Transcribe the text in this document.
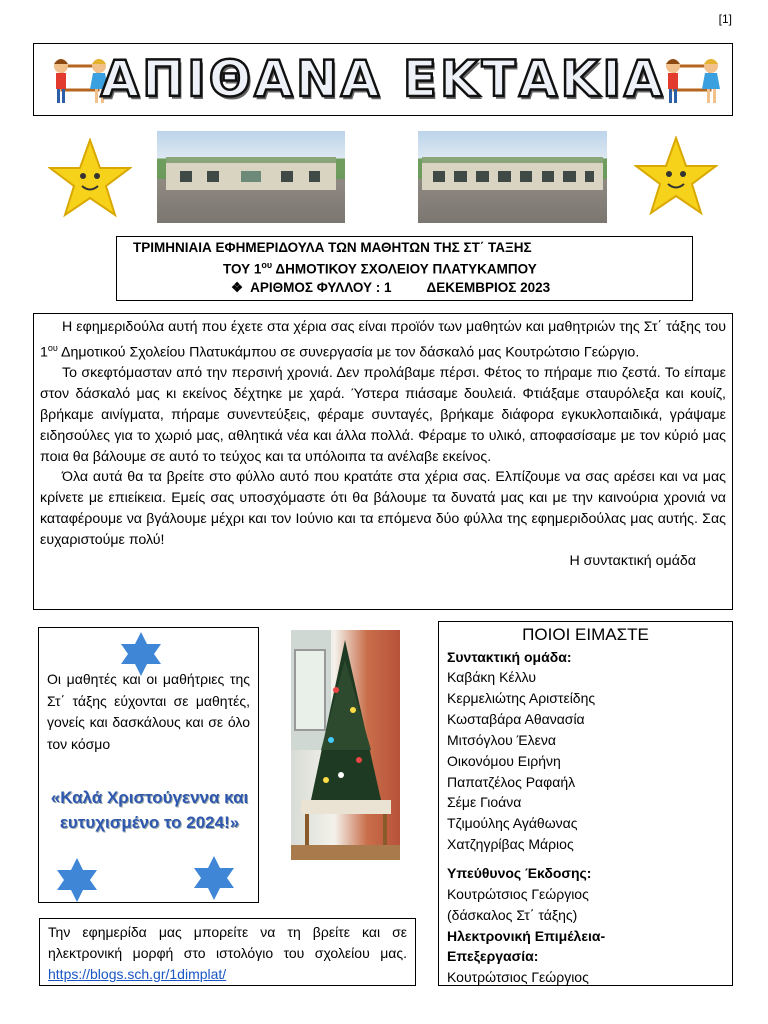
[1]
ΑΠΙΘΑΝΑ ΕΚΤΑΚΙΑ
ΤΡΙΜΗΝΙΑΙΑ ΕΦΗΜΕΡΙΔΟΥΛΑ ΤΩΝ ΜΑΘΗΤΩΝ ΤΗΣ ΣΤ΄ ΤΑΞΗΣ
ΤΟΥ $1^{o\upsilon}$ ΔΗΜΟΤΙΚΟΥ ΣΧΟΛΕΙΟΥ ΠΛΑΤΥΚΑΜΠΟΥ
❖ ΑΡΙΘΜΟΣ ΦΥΛΛΟΥ : 1	ΔΕΚΕΜΒΡΙΟΣ 2023

Η εφημεριδούλα αυτή που έχετε στα χέρια σας είναι προϊόν των μαθητών και μαθητριών της Στ΄ τάξης του $1^{o\upsilon}$ Δημοτικού Σχολείου Πλατυκάμπου σε συνεργασία με τον δάσκαλό μας Κουτρώτσιο Γεώργιο.

Το σκεφτόμασταν από την περσινή χρονιά. Δεν προλάβαμε πέρσι. Φέτος το πήραμε πιο ζεστά. Το είπαμε στον δάσκαλό μας κι εκείνος δέχτηκε με χαρά. Ύστερα πιάσαμε δουλειά. Φτιάξαμε σταυρόλεξα και κουίζ, βρήκαμε αινίγματα, πήραμε συνεντεύξεις, φέραμε συνταγές, βρήκαμε διάφορα εγκυκλοπαιδικά, γράψαμε ειδησούλες για το χωριό μας, αθλητικά νέα και άλλα πολλά. Φέραμε το υλικό, αποφασίσαμε με τον κύριό μας ποια θα βάλουμε σε αυτό το τεύχος και τα υπόλοιπα τα ανέλαβε εκείνος.

Όλα αυτά θα τα βρείτε στο φύλλο αυτό που κρατάτε στα χέρια σας. Ελπίζουμε να σας αρέσει και να μας κρίνετε με επιείκεια. Εμείς σας υποσχόμαστε ότι θα βάλουμε τα δυνατά μας και με την καινούρια χρονιά να καταφέρουμε να βγάλουμε μέχρι και τον Ιούνιο και τα επόμενα δύο φύλλα της εφημεριδούλας μας αυτής. Σας ευχαριστούμε πολύ!

Η συντακτική ομάδα
Οι μαθητές και οι μαθήτριες της Στ΄ τάξης εύχονται σε μαθητές, γονείς και δασκάλους και σε όλο τον κόσμο
«Καλά Χριστούγεννα και ευτυχισμένο το 2024!»
ΠΟΙΟΙ ΕΙΜΑΣΤΕ
Συντακτική ομάδα:
Καβάκη Κέλλυ
Κερμελιώτης Αριστείδης
Κωσταβάρα Αθανασία
Μιτσόγλου Έλενα
Οικονόμου Ειρήνη
Παπατζέλος Ραφαήλ
Σέμε Γιοάνα
Τζιμούλης Αγάθωνας
Χατζηγρίβας Μάριος
Υπεύθυνος Έκδοσης:
Κουτρώτσιος Γεώργιος
(δάσκαλος Στ΄ τάξης)
Ηλεκτρονική Επιμέλεια-
Επεξεργασία:
Κουτρώτσιος Γεώργιος
Την εφημερίδα μας μπορείτε να τη βρείτε και σε ηλεκτρονική μορφή στο ιστολόγιο του σχολείου μας. https://blogs.sch.gr/1dimplat/
